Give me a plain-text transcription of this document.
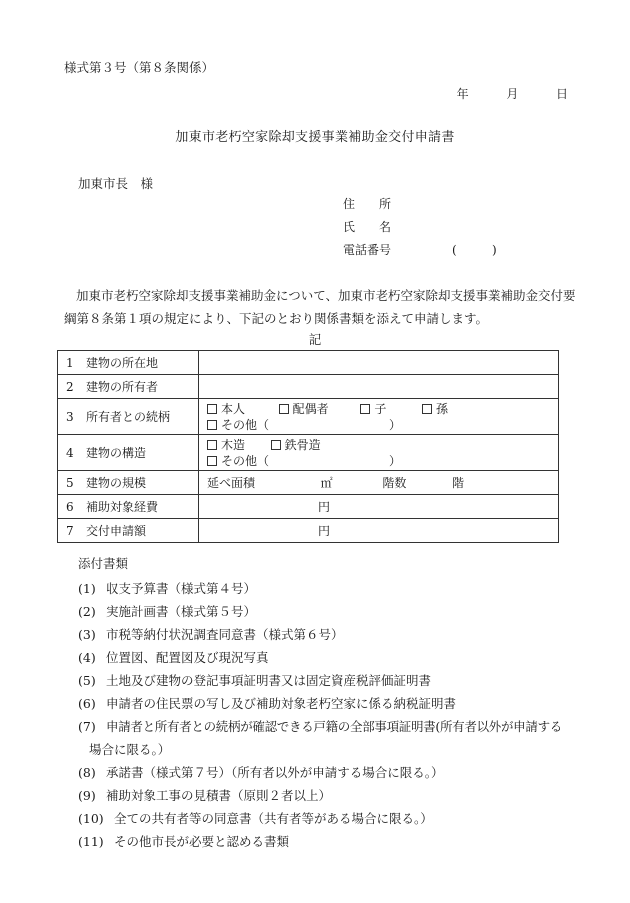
様式第３号（第８条関係）
年	月	日
加東市老朽空家除却支援事業補助金交付申請書
加東市長　様
住　　所
氏　　名
電話番号	(	)

加東市老朽空家除却支援事業補助金について、加東市老朽空家除却支援事業補助金交付要

綱第８条第１項の規定により、下記のとおり関係書類を添えて申請します。

記
1 建物の所在地	
2 建物の所有者	
3 所有者との続柄	本人 配偶者 子 孫
その他（ ）

4 建物の構造	木造 鉄骨造
その他（ ）

5 建物の規模	延べ面積 ㎡ 階数 階
6 補助対象経費	円
7 交付申請額	円
添付書類
(1) 収支予算書（様式第４号）
(2) 実施計画書（様式第５号）
(3) 市税等納付状況調査同意書（様式第６号）
(4) 位置図、配置図及び現況写真
(5) 土地及び建物の登記事項証明書又は固定資産税評価証明書
(6) 申請者の住民票の写し及び補助対象老朽空家に係る納税証明書
(7) 申請者と所有者との続柄が確認できる戸籍の全部事項証明書(所有者以外が申請する
場合に限る。）
(8) 承諾書（様式第７号）（所有者以外が申請する場合に限る。）
(9) 補助対象工事の見積書（原則２者以上）
(10) 全ての共有者等の同意書（共有者等がある場合に限る。）
(11) その他市長が必要と認める書類
